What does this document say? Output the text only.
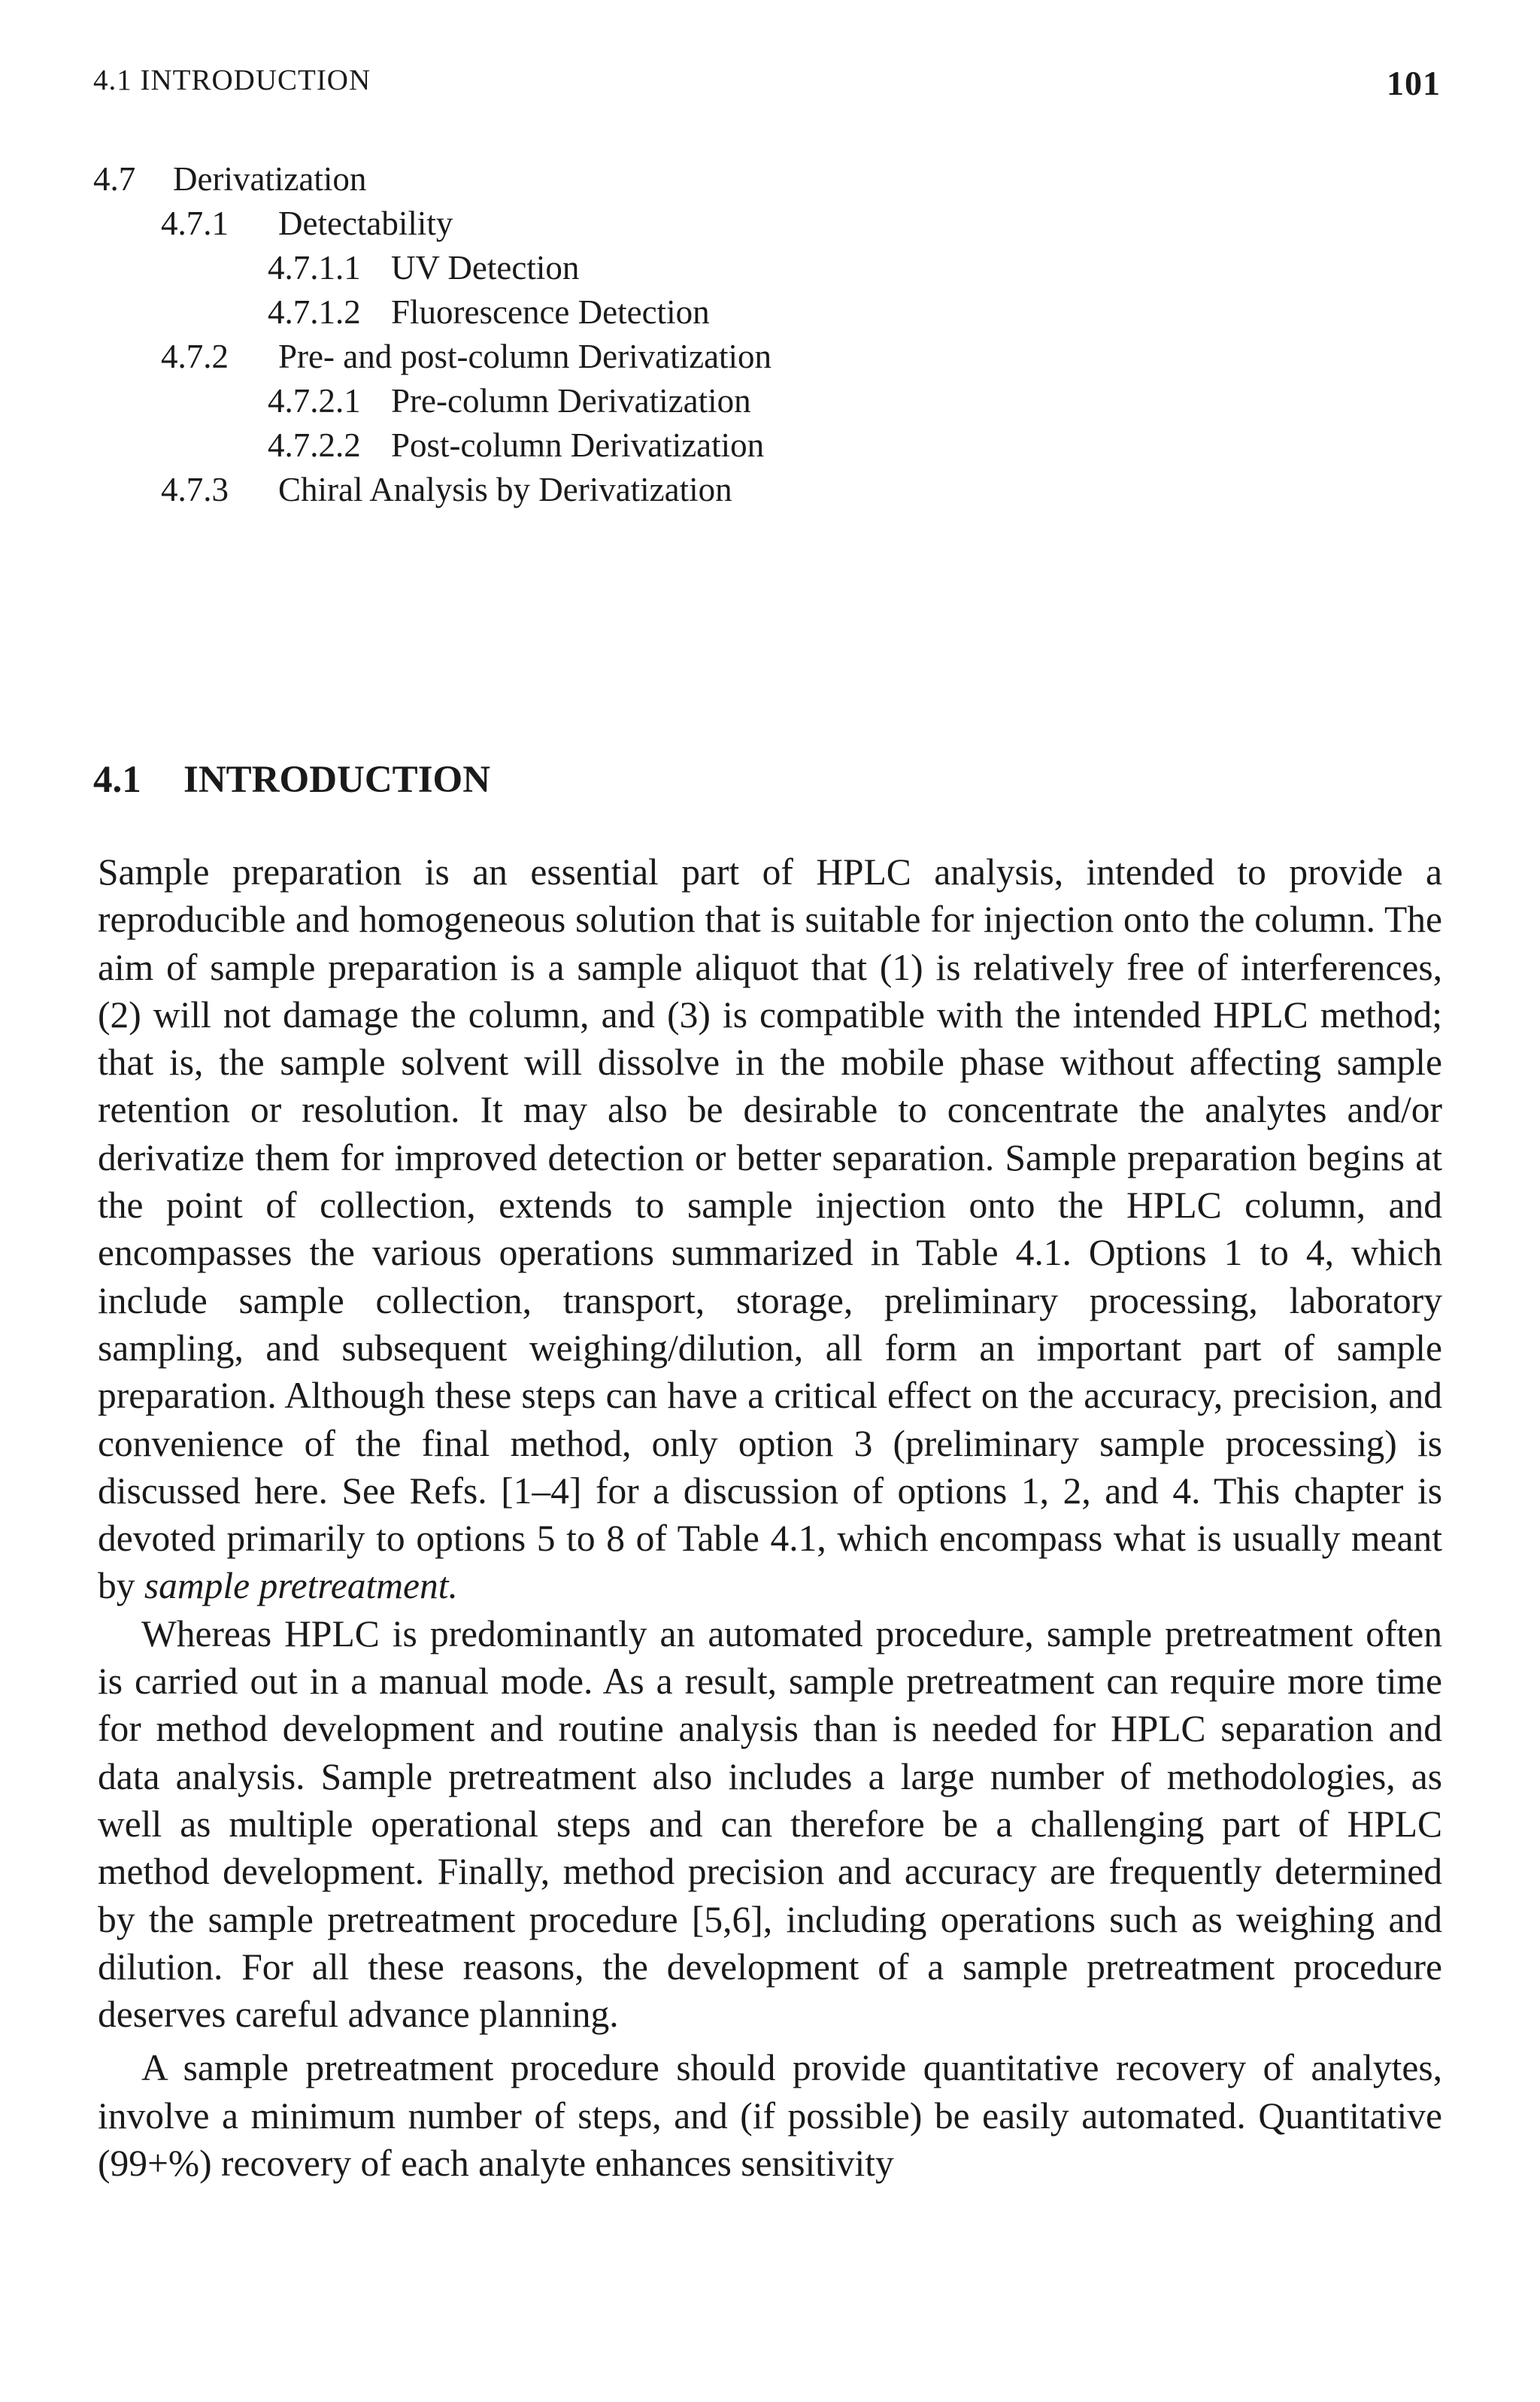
4.1 INTRODUCTION	101
4.7 Derivatization
4.7.1 Detectability
4.7.1.1 UV Detection
4.7.1.2 Fluorescence Detection
4.7.2 Pre- and post-column Derivatization
4.7.2.1 Pre-column Derivatization
4.7.2.2 Post-column Derivatization
4.7.3 Chiral Analysis by Derivatization
4.1 INTRODUCTION

Sample preparation is an essential part of HPLC analysis, intended to provide a reproducible and homogeneous solution that is suitable for injection onto the column. The aim of sample preparation is a sample aliquot that (1) is relatively free of interferences, (2) will not damage the column, and (3) is compatible with the intended HPLC method; that is, the sample solvent will dissolve in the mobile phase without affecting sample retention or resolution. It may also be desirable to concentrate the analytes and/or derivatize them for improved detection or better separation. Sample preparation begins at the point of collection, extends to sample injection onto the HPLC column, and encompasses the various operations summarized in Table 4.1. Options 1 to 4, which include sample collection, transport, storage, preliminary processing, laboratory sampling, and subsequent weighing/dilution, all form an important part of sample preparation. Although these steps can have a critical effect on the accuracy, precision, and convenience of the final method, only option 3 (preliminary sample processing) is discussed here. See Refs. [1–4] for a discussion of options 1, 2, and 4. This chapter is devoted primarily to options 5 to 8 of Table 4.1, which encompass what is usually meant by sample pretreatment.

Whereas HPLC is predominantly an automated procedure, sample pretreatment often is carried out in a manual mode. As a result, sample pretreatment can require more time for method development and routine analysis than is needed for HPLC separation and data analysis. Sample pretreatment also includes a large number of methodologies, as well as multiple operational steps and can therefore be a challenging part of HPLC method development. Finally, method precision and accuracy are frequently determined by the sample pretreatment procedure [5,6], including operations such as weighing and dilution. For all these reasons, the development of a sample pretreatment procedure deserves careful advance planning.

A sample pretreatment procedure should provide quantitative recovery of analytes, involve a minimum number of steps, and (if possible) be easily automated. Quantitative (99+%) recovery of each analyte enhances sensitivity
